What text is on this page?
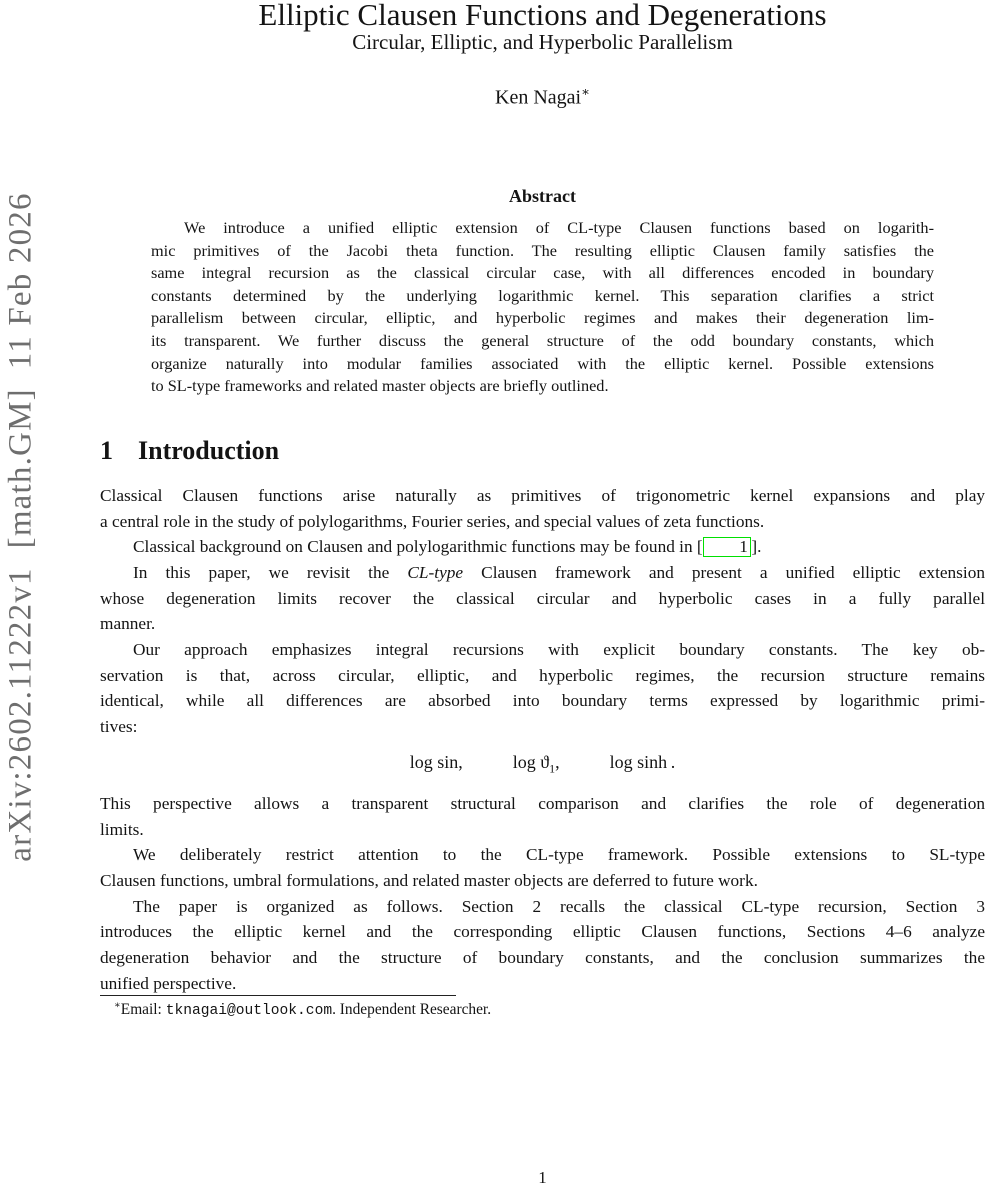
arXiv:2602.11222v1  [math.GM]  11 Feb 2026
Elliptic Clausen Functions and Degenerations
Circular, Elliptic, and Hyperbolic Parallelism
Ken Nagai∗
Abstract
We introduce a unified elliptic extension of CL-type Clausen functions based on logarith-
mic primitives of the Jacobi theta function. The resulting elliptic Clausen family satisfies the
same integral recursion as the classical circular case, with all differences encoded in boundary
constants determined by the underlying logarithmic kernel. This separation clarifies a strict
parallelism between circular, elliptic, and hyperbolic regimes and makes their degeneration lim-
its transparent. We further discuss the general structure of the odd boundary constants, which
organize naturally into modular families associated with the elliptic kernel. Possible extensions
to SL-type frameworks and related master objects are briefly outlined.
1 Introduction
Classical Clausen functions arise naturally as primitives of trigonometric kernel expansions and play
a central role in the study of polylogarithms, Fourier series, and special values of zeta functions.
Classical background on Clausen and polylogarithmic functions may be found in [ 1 ].
In this paper, we revisit the CL-type Clausen framework and present a unified elliptic extension
whose degeneration limits recover the classical circular and hyperbolic cases in a fully parallel
manner.
Our approach emphasizes integral recursions with explicit boundary constants. The key ob-
servation is that, across circular, elliptic, and hyperbolic regimes, the recursion structure remains
identical, while all differences are absorbed into boundary terms expressed by logarithmic primi-
tives:
log sin,	$\log ϑ_1$,	log sinh .
This perspective allows a transparent structural comparison and clarifies the role of degeneration
limits.
We deliberately restrict attention to the CL-type framework. Possible extensions to SL-type
Clausen functions, umbral formulations, and related master objects are deferred to future work.
The paper is organized as follows. Section 2 recalls the classical CL-type recursion, Section 3
introduces the elliptic kernel and the corresponding elliptic Clausen functions, Sections 4–6 analyze
degeneration behavior and the structure of boundary constants, and the conclusion summarizes the
unified perspective.
∗Email: tknagai@outlook.com. Independent Researcher.
1
